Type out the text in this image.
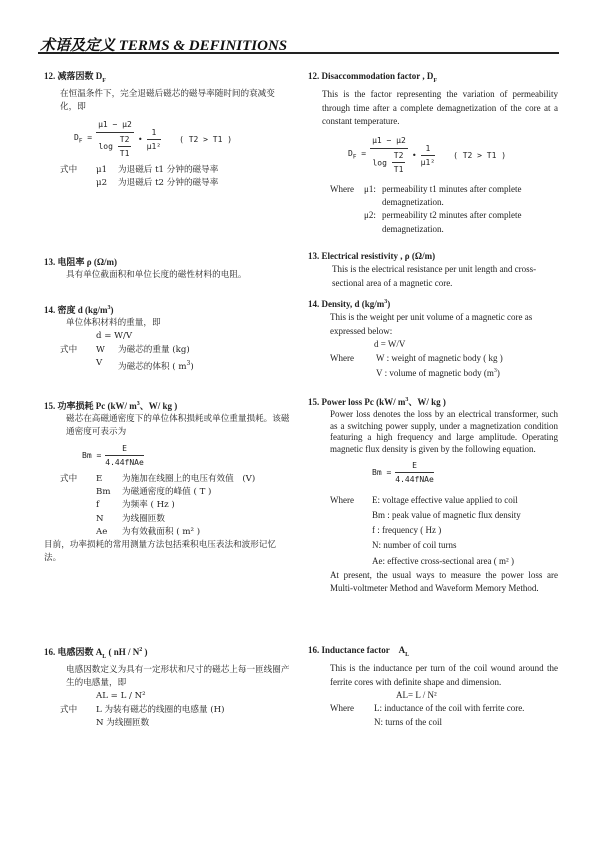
术语及定义 TERMS & DEFINITIONS
12. 减落因数 $D_F$
在恒温条件下，完全退磁后磁芯的磁导率随时间的衰减变化，即
$D_F = \frac{\mu 1 - \mu 2}{\log \frac{T2}{T1}}$ • $\frac{1}{\text{μ1²}}$ ( T2 > T1 )
式中	μ1	为退磁后 t1 分钟的磁导率
μ2	为退磁后 t2 分钟的磁导率
13. 电阻率 ρ (Ω/m)
具有单位截面积和单位长度的磁性材料的电阻。
14. 密度 d $(kg/m^3)$
单位体积材料的重量，即
d = W/V
式中	W	为磁芯的重量 (kg)
V	为磁芯的体积 ( $m^3$)
15. 功率损耗 Pc (kW/ $m^3$、W/ kg )
磁芯在高磁通密度下的单位体积损耗或单位重量损耗。该磁通密度可表示为
$Bm = \frac{E}{\text{4.44fNAe}}$
式中	E	为施加在线圈上的电压有效值　(V)
Bm	为磁通密度的峰值 ( T )
f	为频率 ( Hz )
N	为线圈匝数
Ae	为有效截面积 ( m² )
目前，功率损耗的常用测量方法包括乘积电压表法和波形记忆法。
16. 电感因数 $A_L$ ( nH / $N^2$ )
电感因数定义为具有一定形状和尺寸的磁芯上每一匝线圈产生的电感量，即
AL = L / N²
式中	L 为装有磁芯的线圈的电感量 (H)
N 为线圈匝数
12. Disaccommodation factor , $D_F$
This is the factor representing the variation of permeability through time after a complete demagnetization of the core at a constant temperature.
$D_F = \frac{\mu 1 - \mu 2}{\log \frac{T2}{T1}}$ • $\frac{1}{\text{μ1²}}$ ( T2 > T1 )
Where	μ1: permeability t1 minutes after complete demagnetization.
μ2: permeability t2 minutes after complete demagnetization.
13. Electrical resistivity , ρ (Ω/m)
This is the electrical resistance per unit length and cross-sectional area of a magnetic core.
14. Density, d $(kg/m^3)$
This is the weight per unit volume of a magnetic core as expressed below:
d = W/V
Where	W : weight of magnetic body ( kg )
V : volume of magnetic body $(m^3)$
15. Power loss Pc (kW/ $m^3$、W/ kg )
Power loss denotes the loss by an electrical transformer, such as a switching power supply, under a magnetization condition featuring a high frequency and large amplitude. Operating magnetic flux density is given by the following equation.
$Bm = \frac{E}{\text{4.44fNAe}}$
Where	E: voltage effective value applied to coil
Bm : peak value of magnetic flux density
f : frequency ( Hz )
N: number of coil turns
Ae: effective cross-sectional area ( m² )
At present, the usual ways to measure the power loss are Multi-voltmeter Method and Waveform Memory Method.
16. Inductance factor　$A_L$
This is the inductance per turn of the coil wound around the ferrite cores with definite shape and dimension.
AL= L / N²
Where	L: inductance of the coil with ferrite core.
N: turns of the coil
